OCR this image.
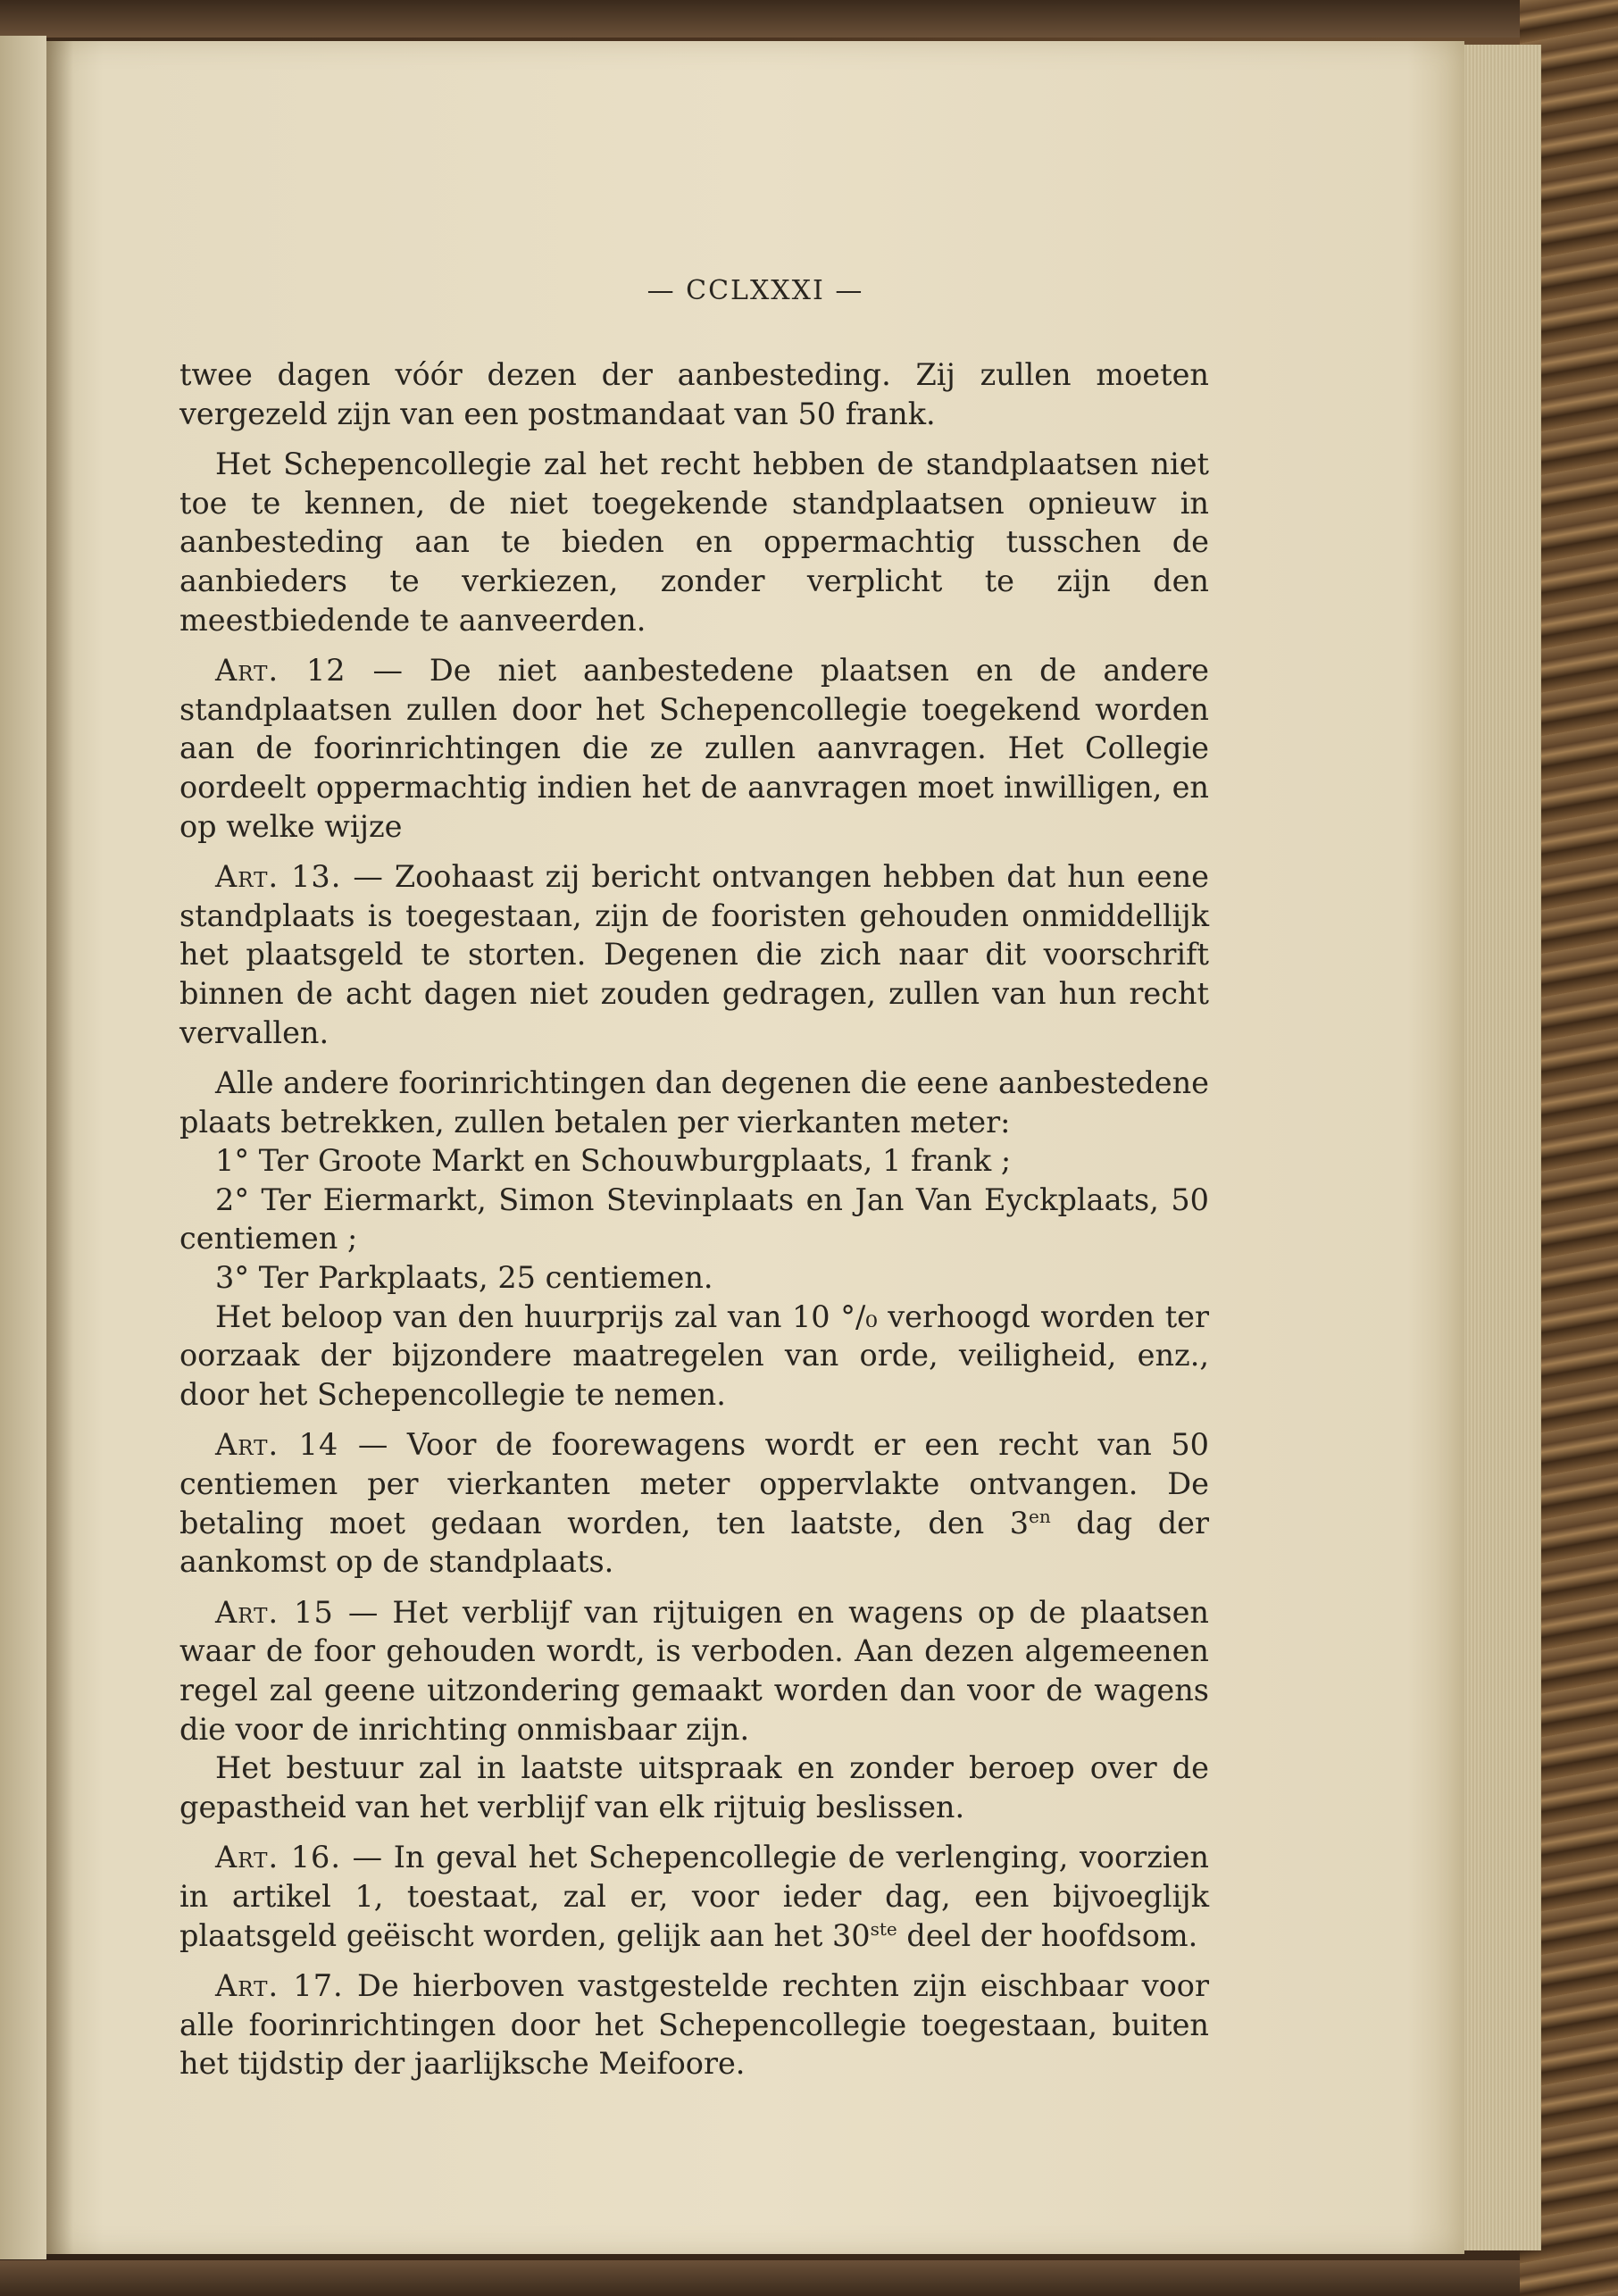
— CCLXXXI —

twee dagen vóór dezen der aanbesteding. Zij zullen moeten vergezeld zijn van een postmandaat van 50 frank.

Het Schepencollegie zal het recht hebben de standplaatsen niet toe te kennen, de niet toegekende standplaatsen opnieuw in aanbesteding aan te bieden en oppermachtig tusschen de aanbieders te verkiezen, zonder verplicht te zijn den meestbiedende te aanveerden.

Art. 12 — De niet aanbestedene plaatsen en de andere standplaatsen zullen door het Schepencollegie toegekend worden aan de foorinrichtingen die ze zullen aanvragen. Het Collegie oordeelt oppermachtig indien het de aanvragen moet inwilligen, en op welke wijze

Art. 13. — Zoohaast zij bericht ontvangen hebben dat hun eene standplaats is toegestaan, zijn de fooristen gehouden onmiddellijk het plaatsgeld te storten. Degenen die zich naar dit voorschrift binnen de acht dagen niet zouden gedragen, zullen van hun recht vervallen.

Alle andere foorinrichtingen dan degenen die eene aanbestedene plaats betrekken, zullen betalen per vierkanten meter:

1° Ter Groote Markt en Schouwburgplaats, 1 frank ;

2° Ter Eiermarkt, Simon Stevinplaats en Jan Van Eyckplaats, 50 centiemen ;

3° Ter Parkplaats, 25 centiemen.

Het beloop van den huurprijs zal van 10 °/₀ verhoogd worden ter oorzaak der bijzondere maatregelen van orde, veiligheid, enz., door het Schepencollegie te nemen.

Art. 14 — Voor de foorewagens wordt er een recht van 50 centiemen per vierkanten meter oppervlakte ontvangen. De betaling moet gedaan worden, ten laatste, den $3^{en}$ dag der aankomst op de standplaats.

Art. 15 — Het verblijf van rijtuigen en wagens op de plaatsen waar de foor gehouden wordt, is verboden. Aan dezen algemeenen regel zal geene uitzondering gemaakt worden dan voor de wagens die voor de inrichting onmisbaar zijn.

Het bestuur zal in laatste uitspraak en zonder beroep over de gepastheid van het verblijf van elk rijtuig beslissen.

Art. 16. — In geval het Schepencollegie de verlenging, voorzien in artikel 1, toestaat, zal er, voor ieder dag, een bijvoeglijk plaatsgeld geëischt worden, gelijk aan het 30ste deel der hoofdsom.

Art. 17. De hierboven vastgestelde rechten zijn eischbaar voor alle foorinrichtingen door het Schepencollegie toegestaan, buiten het tijdstip der jaarlijksche Meifoore.
